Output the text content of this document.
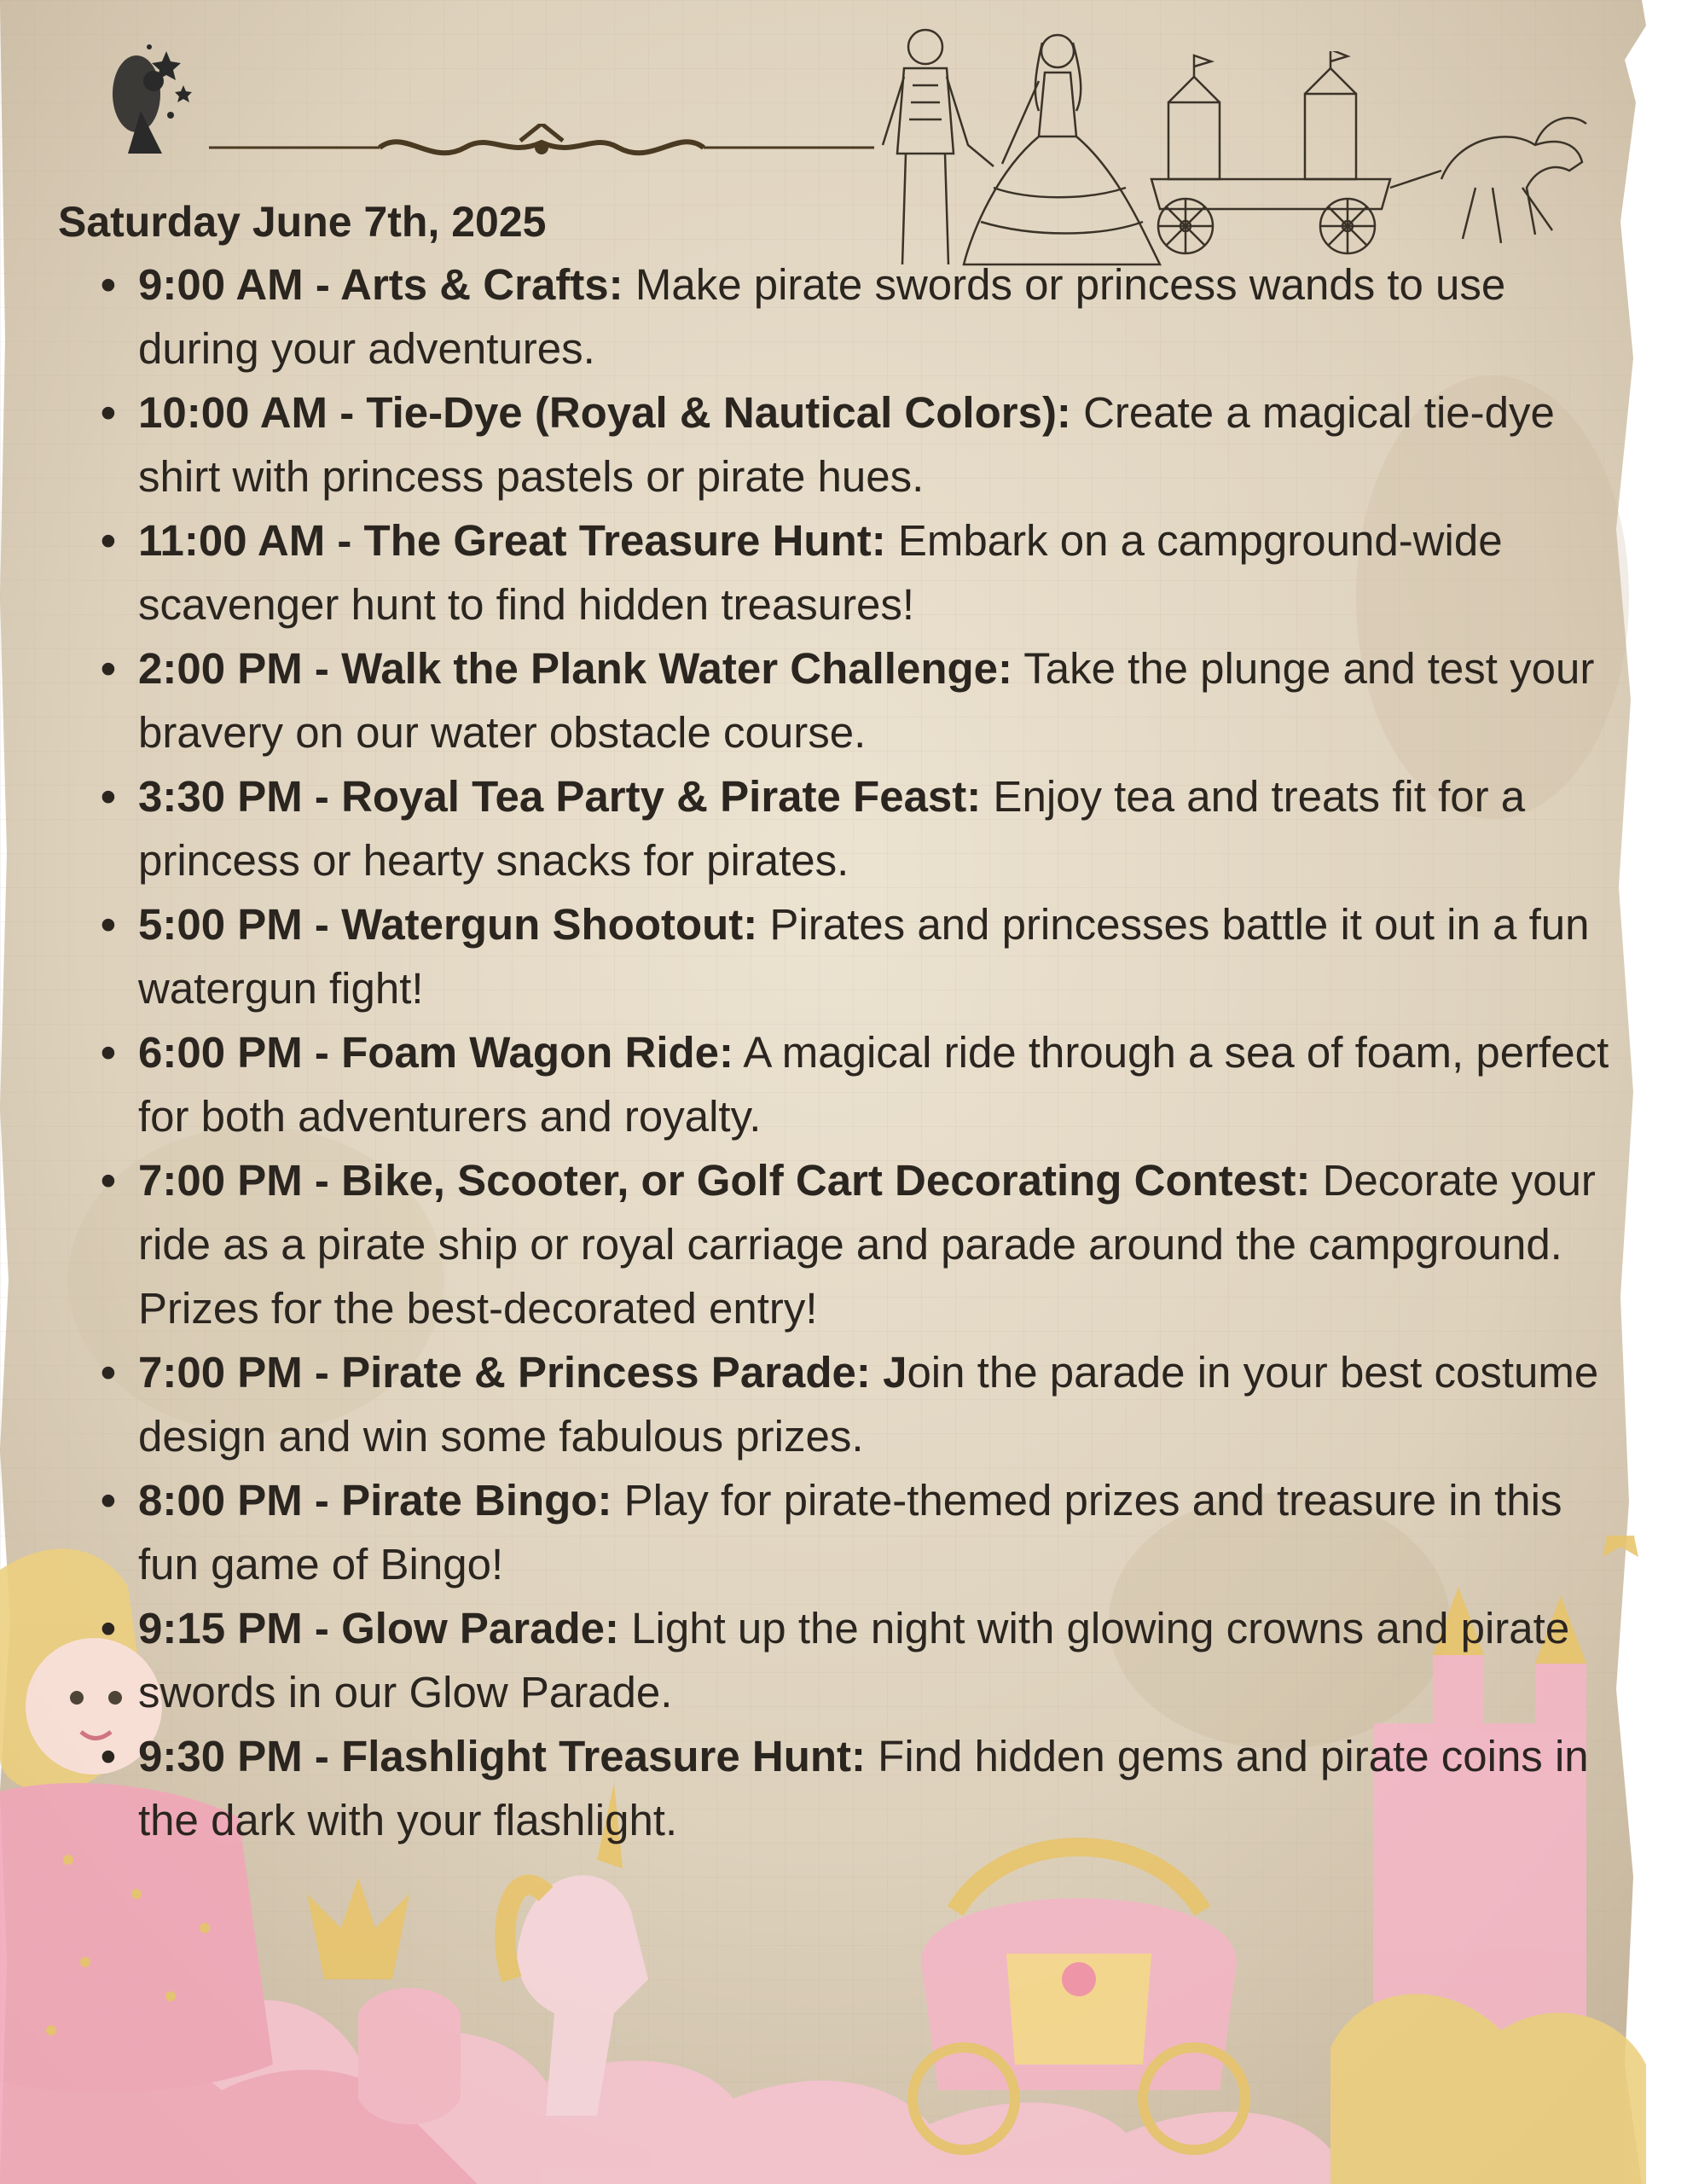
Saturday June 7th, 2025
• 9:00 AM - Arts & Crafts: Make pirate swords or princess wands to use during your adventures.
• 10:00 AM - Tie-Dye (Royal & Nautical Colors): Create a magical tie-dye shirt with princess pastels or pirate hues.
• 11:00 AM - The Great Treasure Hunt: Embark on a campground-wide scavenger hunt to find hidden treasures!
• 2:00 PM - Walk the Plank Water Challenge: Take the plunge and test your bravery on our water obstacle course.
• 3:30 PM - Royal Tea Party & Pirate Feast: Enjoy tea and treats fit for a princess or hearty snacks for pirates.
• 5:00 PM - Watergun Shootout: Pirates and princesses battle it out in a fun watergun fight!
• 6:00 PM - Foam Wagon Ride: A magical ride through a sea of foam, perfect for both adventurers and royalty.
• 7:00 PM - Bike, Scooter, or Golf Cart Decorating Contest: Decorate your ride as a pirate ship or royal carriage and parade around the campground. Prizes for the best-decorated entry!
• 7:00 PM - Pirate & Princess Parade: Join the parade in your best costume design and win some fabulous prizes.
• 8:00 PM - Pirate Bingo: Play for pirate-themed prizes and treasure in this fun game of Bingo!
• 9:15 PM - Glow Parade: Light up the night with glowing crowns and pirate swords in our Glow Parade.
• 9:30 PM - Flashlight Treasure Hunt: Find hidden gems and pirate coins in the dark with your flashlight.
